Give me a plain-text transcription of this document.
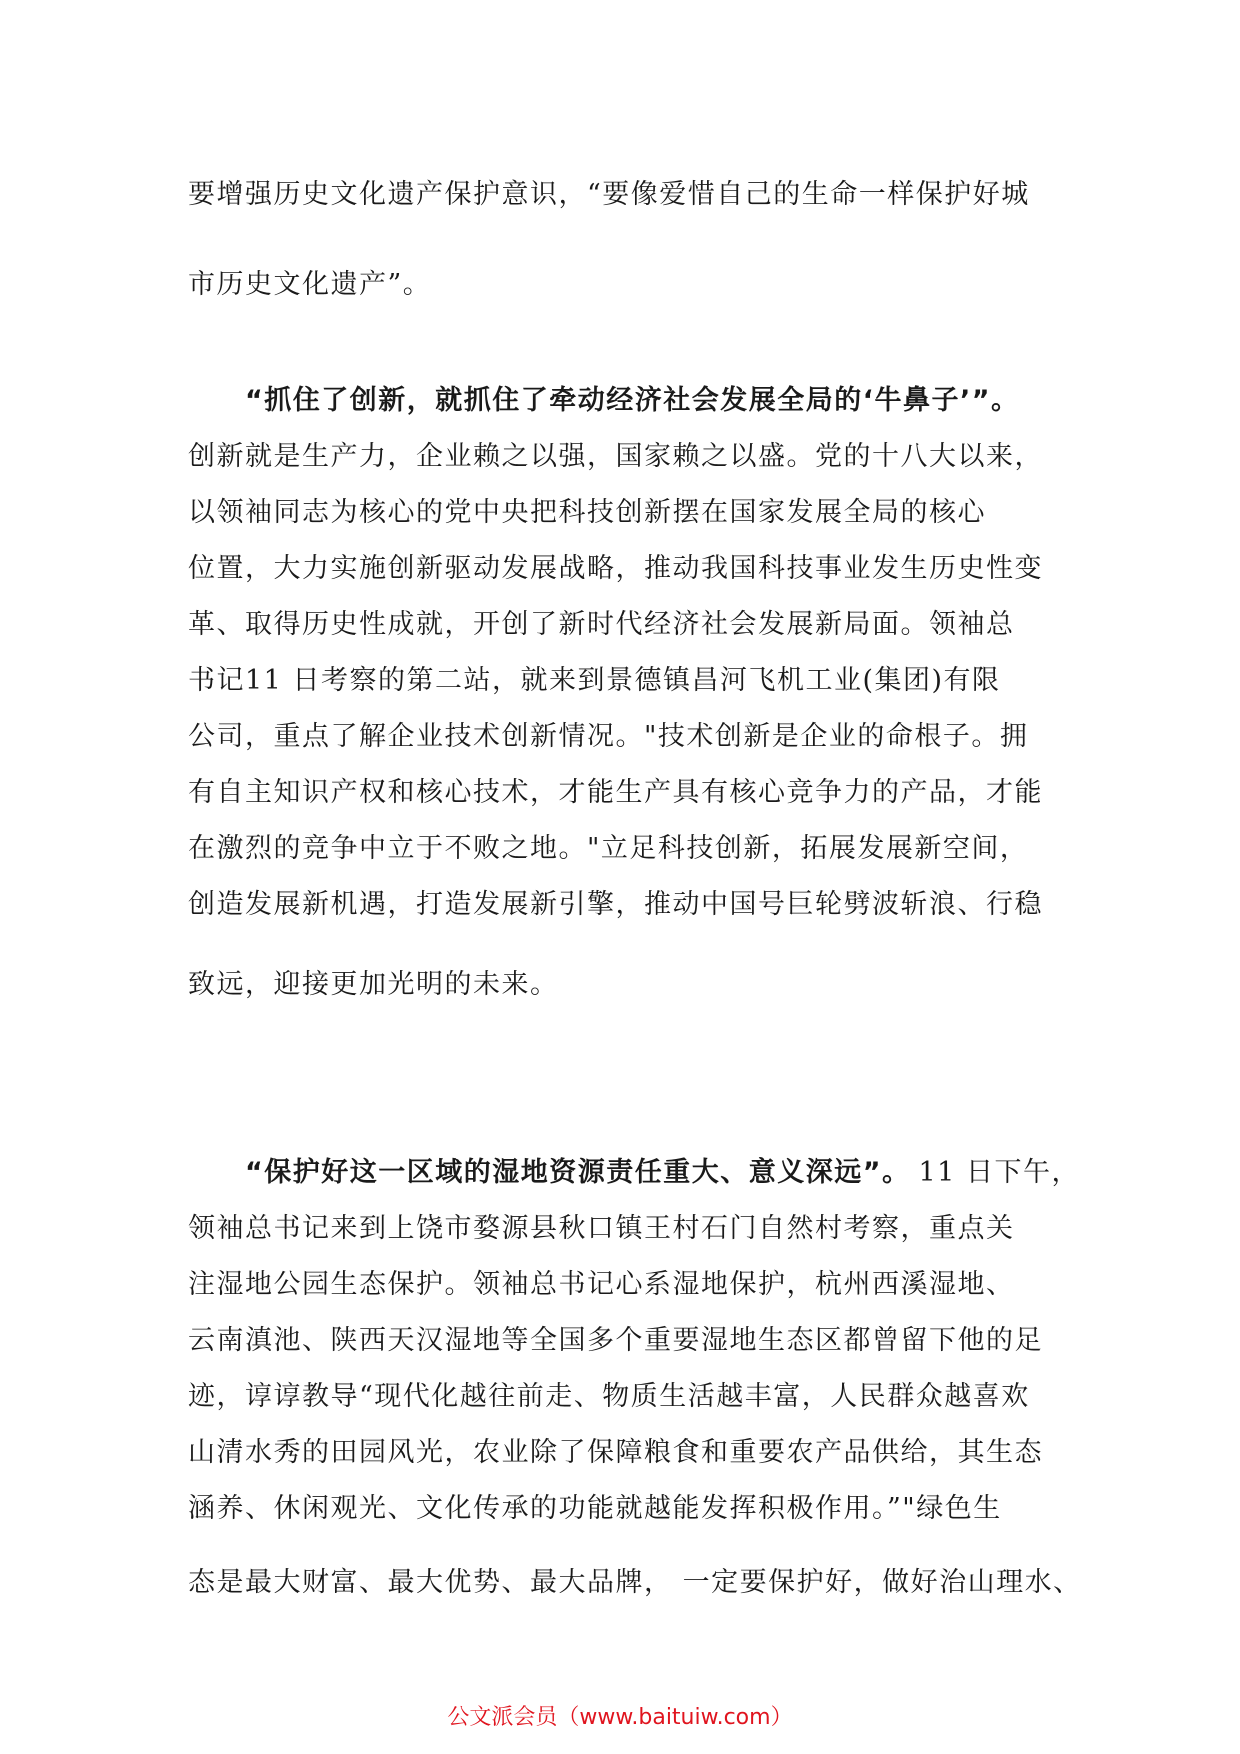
要增强历史文化遗产保护意识，“要像爱惜自己的生命一样保护好城
市历史文化遗产”。
“抓住了创新，就抓住了牵动经济社会发展全局的‘牛鼻子’”。
创新就是生产力，企业赖之以强，国家赖之以盛。党的十八大以来，
以领袖同志为核心的党中央把科技创新摆在国家发展全局的核心
位置，大力实施创新驱动发展战略，推动我国科技事业发生历史性变
革、取得历史性成就，开创了新时代经济社会发展新局面。领袖总
书记11 日考察的第二站，就来到景德镇昌河飞机工业(集团)有限
公司，重点了解企业技术创新情况。"技术创新是企业的命根子。拥
有自主知识产权和核心技术，才能生产具有核心竞争力的产品，才能
在激烈的竞争中立于不败之地。"立足科技创新，拓展发展新空间，
创造发展新机遇，打造发展新引擎，推动中国号巨轮劈波斩浪、行稳
致远，迎接更加光明的未来。
“保护好这一区域的湿地资源责任重大、意义深远”。 11 日下午，
领袖总书记来到上饶市婺源县秋口镇王村石门自然村考察，重点关
注湿地公园生态保护。领袖总书记心系湿地保护，杭州西溪湿地、
云南滇池、陕西天汉湿地等全国多个重要湿地生态区都曾留下他的足
迹，谆谆教导“现代化越往前走、物质生活越丰富，人民群众越喜欢
山清水秀的田园风光，农业除了保障粮食和重要农产品供给，其生态
涵养、休闲观光、文化传承的功能就越能发挥积极作用。”"绿色生
态是最大财富、最大优势、最大品牌， 一定要保护好，做好治山理水、
公文派会员（www.baituiw.com）
